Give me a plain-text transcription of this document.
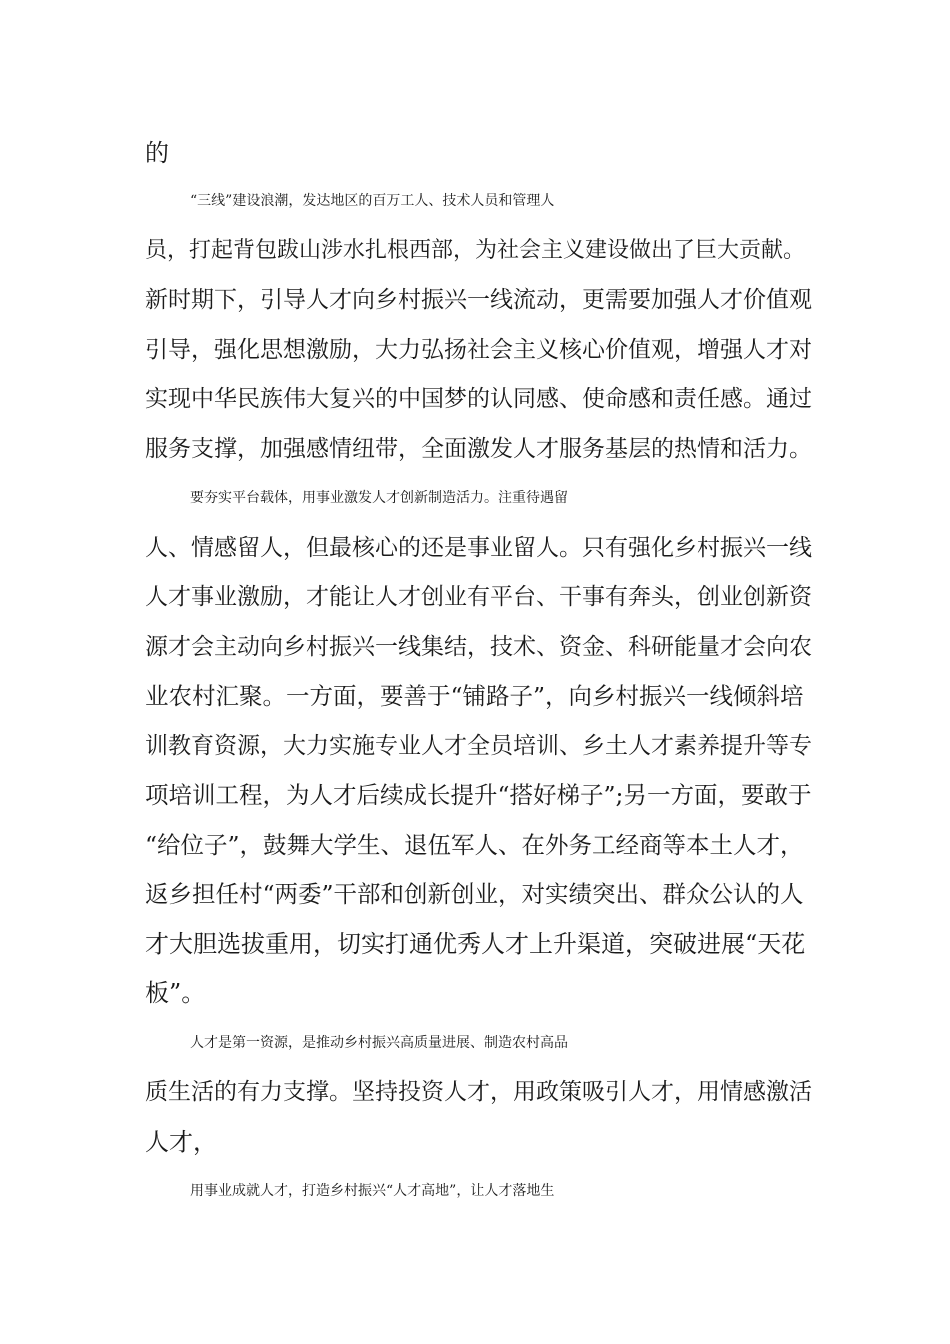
的
“三线”建设浪潮，发达地区的百万工人、技术人员和管理人
员，打起背包跋山涉水扎根西部，为社会主义建设做出了巨大贡献。
新时期下，引导人才向乡村振兴一线流动，更需要加强人才价值观
引导，强化思想激励，大力弘扬社会主义核心价值观，增强人才对
实现中华民族伟大复兴的中国梦的认同感、使命感和责任感。通过
服务支撑，加强感情纽带，全面激发人才服务基层的热情和活力。
要夯实平台载体，用事业激发人才创新制造活力。注重待遇留
人、情感留人，但最核心的还是事业留人。只有强化乡村振兴一线
人才事业激励，才能让人才创业有平台、干事有奔头，创业创新资
源才会主动向乡村振兴一线集结，技术、资金、科研能量才会向农
业农村汇聚。一方面，要善于“铺路子”，向乡村振兴一线倾斜培
训教育资源，大力实施专业人才全员培训、乡土人才素养提升等专
项培训工程，为人才后续成长提升“搭好梯子”;另一方面，要敢于
“给位子”，鼓舞大学生、退伍军人、在外务工经商等本土人才，
返乡担任村“两委”干部和创新创业，对实绩突出、群众公认的人
才大胆选拔重用，切实打通优秀人才上升渠道，突破进展“天花
板”。
人才是第一资源，是推动乡村振兴高质量进展、制造农村高品
质生活的有力支撑。坚持投资人才，用政策吸引人才，用情感激活
人才，
用事业成就人才，打造乡村振兴“人才高地”，让人才落地生
